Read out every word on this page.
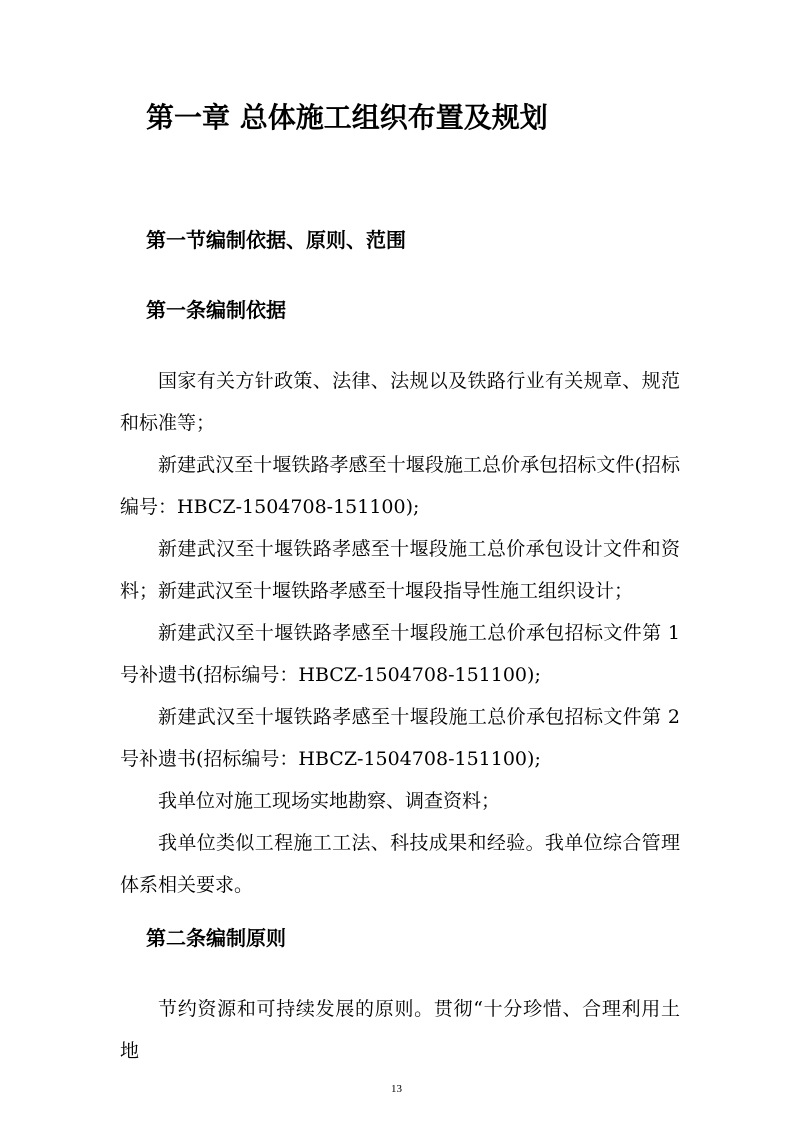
第一章 总体施工组织布置及规划
第一节编制依据、原则、范围
第一条编制依据

国家有关方针政策、法律、法规以及铁路行业有关规章、规范和标准等；

新建武汉至十堰铁路孝感至十堰段施工总价承包招标文件(招标编号：HBCZ-1504708-151100);

新建武汉至十堰铁路孝感至十堰段施工总价承包设计文件和资料；新建武汉至十堰铁路孝感至十堰段指导性施工组织设计；

新建武汉至十堰铁路孝感至十堰段施工总价承包招标文件第 1 号补遗书(招标编号：HBCZ-1504708-151100);

新建武汉至十堰铁路孝感至十堰段施工总价承包招标文件第 2 号补遗书(招标编号：HBCZ-1504708-151100);

我单位对施工现场实地勘察、调查资料；

我单位类似工程施工工法、科技成果和经验。我单位综合管理体系相关要求。

第二条编制原则

节约资源和可持续发展的原则。贯彻“十分珍惜、合理利用土地

13
